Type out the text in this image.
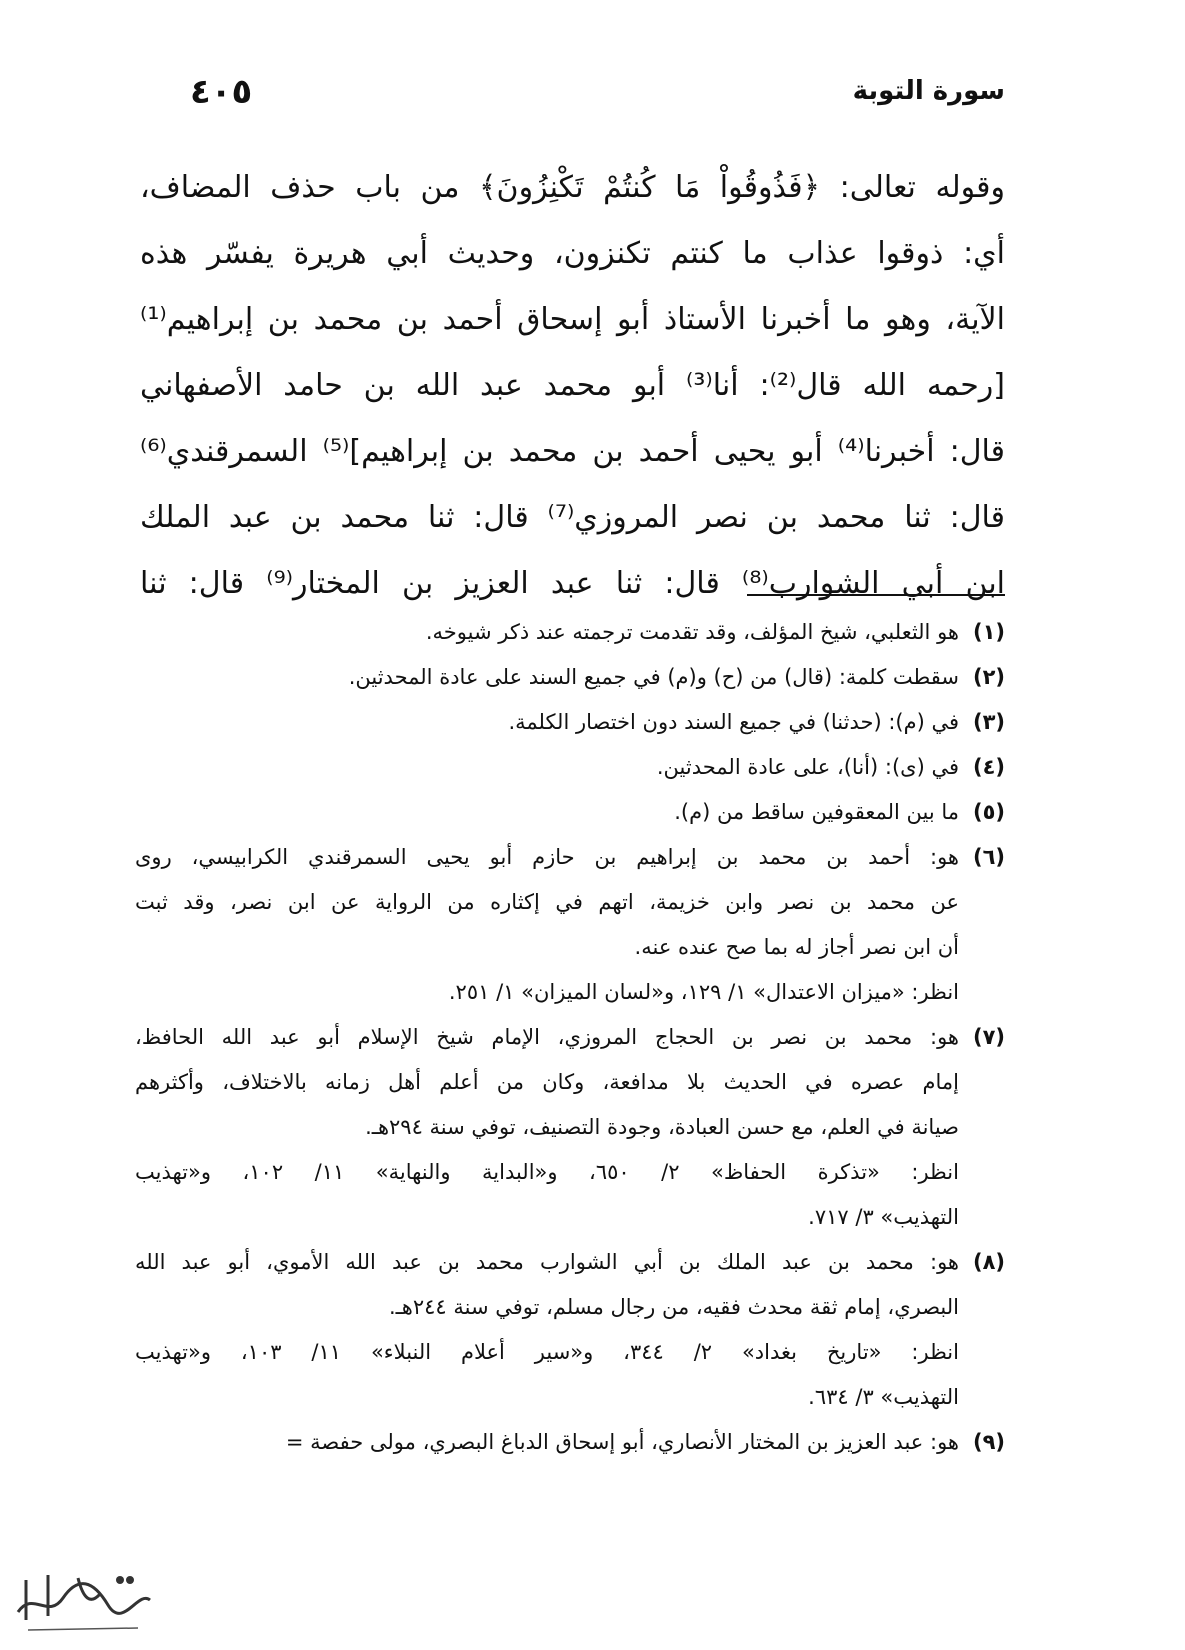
سورة التوبة
٤٠٥
وقوله تعالى: ﴿فَذُوقُواْ مَا كُنتُمْ تَكْنِزُونَ﴾ من باب حذف المضاف،
أي: ذوقوا عذاب ما كنتم تكنزون، وحديث أبي هريرة يفسّر هذه
الآية، وهو ما أخبرنا الأستاذ أبو إسحاق أحمد بن محمد بن إبراهيم⁽¹⁾
[رحمه الله قال⁽²⁾: أنا⁽³⁾ أبو محمد عبد الله بن حامد الأصفهاني
قال: أخبرنا⁽⁴⁾ أبو يحيى أحمد بن محمد بن إبراهيم]⁽⁵⁾ السمرقندي⁽⁶⁾
قال: ثنا محمد بن نصر المروزي⁽⁷⁾ قال: ثنا محمد بن عبد الملك
ابن أبي الشوارب⁽⁸⁾ قال: ثنا عبد العزيز بن المختار⁽⁹⁾ قال: ثنا
(١)
هو الثعلبي، شيخ المؤلف، وقد تقدمت ترجمته عند ذكر شيوخه.
(٢)
سقطت كلمة: (قال) من (ح) و(م) في جميع السند على عادة المحدثين.
(٣)
في (م): (حدثنا) في جميع السند دون اختصار الكلمة.
(٤)
في (ى): (أنا)، على عادة المحدثين.
(٥)
ما بين المعقوفين ساقط من (م).
(٦)
هو: أحمد بن محمد بن إبراهيم بن حازم أبو يحيى السمرقندي الكرابيسي، روى
عن محمد بن نصر وابن خزيمة، اتهم في إكثاره من الرواية عن ابن نصر، وقد ثبت
أن ابن نصر أجاز له بما صح عنده عنه.
انظر: «ميزان الاعتدال» ١/ ١٢٩، و«لسان الميزان» ١/ ٢٥١.
(٧)
هو: محمد بن نصر بن الحجاج المروزي، الإمام شيخ الإسلام أبو عبد الله الحافظ،
إمام عصره في الحديث بلا مدافعة، وكان من أعلم أهل زمانه بالاختلاف، وأكثرهم
صيانة في العلم، مع حسن العبادة، وجودة التصنيف، توفي سنة ٢٩٤هـ.
انظر: «تذكرة الحفاظ» ٢/ ٦٥٠، و«البداية والنهاية» ١١/ ١٠٢، و«تهذيب
التهذيب» ٣/ ٧١٧.
(٨)
هو: محمد بن عبد الملك بن أبي الشوارب محمد بن عبد الله الأموي، أبو عبد الله
البصري، إمام ثقة محدث فقيه، من رجال مسلم، توفي سنة ٢٤٤هـ.
انظر: «تاريخ بغداد» ٢/ ٣٤٤، و«سير أعلام النبلاء» ١١/ ١٠٣، و«تهذيب
التهذيب» ٣/ ٦٣٤.
(٩)
هو: عبد العزيز بن المختار الأنصاري، أبو إسحاق الدباغ البصري، مولى حفصة =
